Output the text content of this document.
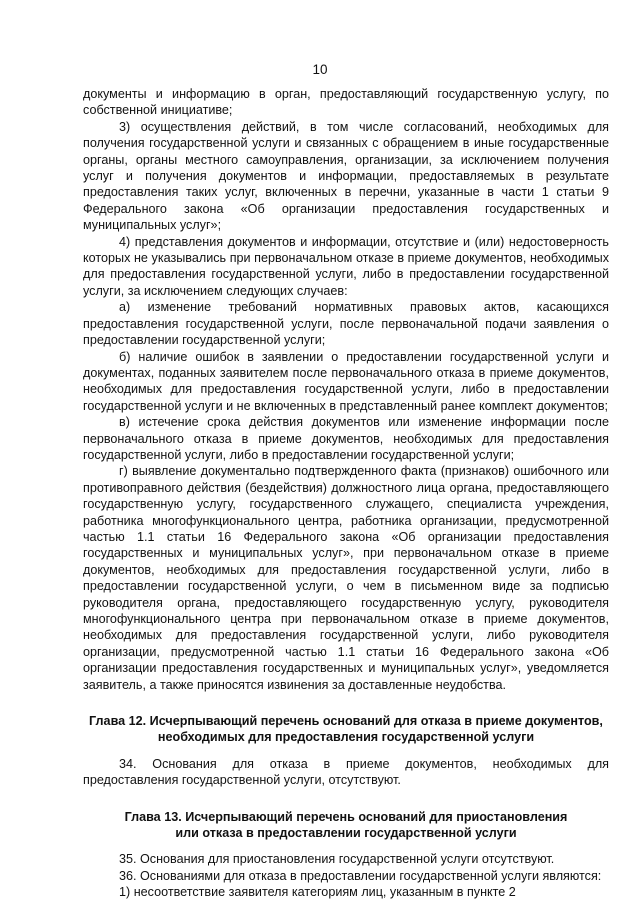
10

документы и информацию в орган, предоставляющий государственную услугу, по собственной инициативе;

3) осуществления действий, в том числе согласований, необходимых для получения государственной услуги и связанных с обращением в иные государственные органы, органы местного самоуправления, организации, за исключением получения услуг и получения документов и информации, предоставляемых в результате предоставления таких услуг, включенных в перечни, указанные в части 1 статьи 9 Федерального закона «Об организации предоставления государственных и муниципальных услуг»;

4) представления документов и информации, отсутствие и (или) недостоверность которых не указывались при первоначальном отказе в приеме документов, необходимых для предоставления государственной услуги, либо в предоставлении государственной услуги, за исключением следующих случаев:

а) изменение требований нормативных правовых актов, касающихся предоставления государственной услуги, после первоначальной подачи заявления о предоставлении государственной услуги;

б) наличие ошибок в заявлении о предоставлении государственной услуги и документах, поданных заявителем после первоначального отказа в приеме документов, необходимых для предоставления государственной услуги, либо в предоставлении государственной услуги и не включенных в представленный ранее комплект документов;

в) истечение срока действия документов или изменение информации после первоначального отказа в приеме документов, необходимых для предоставления государственной услуги, либо в предоставлении государственной услуги;

г) выявление документально подтвержденного факта (признаков) ошибочного или противоправного действия (бездействия) должностного лица органа, предоставляющего государственную услугу, государственного служащего, специалиста учреждения, работника многофункционального центра, работника организации, предусмотренной частью 1.1 статьи 16 Федерального закона «Об организации предоставления государственных и муниципальных услуг», при первоначальном отказе в приеме документов, необходимых для предоставления государственной услуги, либо в предоставлении государственной услуги, о чем в письменном виде за подписью руководителя органа, предоставляющего государственную услугу, руководителя многофункционального центра при первоначальном отказе в приеме документов, необходимых для предоставления государственной услуги, либо руководителя организации, предусмотренной частью 1.1 статьи 16 Федерального закона «Об организации предоставления государственных и муниципальных услуг», уведомляется заявитель, а также приносятся извинения за доставленные неудобства.

Глава 12. Исчерпывающий перечень оснований для отказа в приеме документов,
необходимых для предоставления государственной услуги

34. Основания для отказа в приеме документов, необходимых для предоставления государственной услуги, отсутствуют.

Глава 13. Исчерпывающий перечень оснований для приостановления
или отказа в предоставлении государственной услуги

35. Основания для приостановления государственной услуги отсутствуют.

36. Основаниями для отказа в предоставлении государственной услуги являются:

1) несоответствие заявителя категориям лиц, указанным в пункте 2
